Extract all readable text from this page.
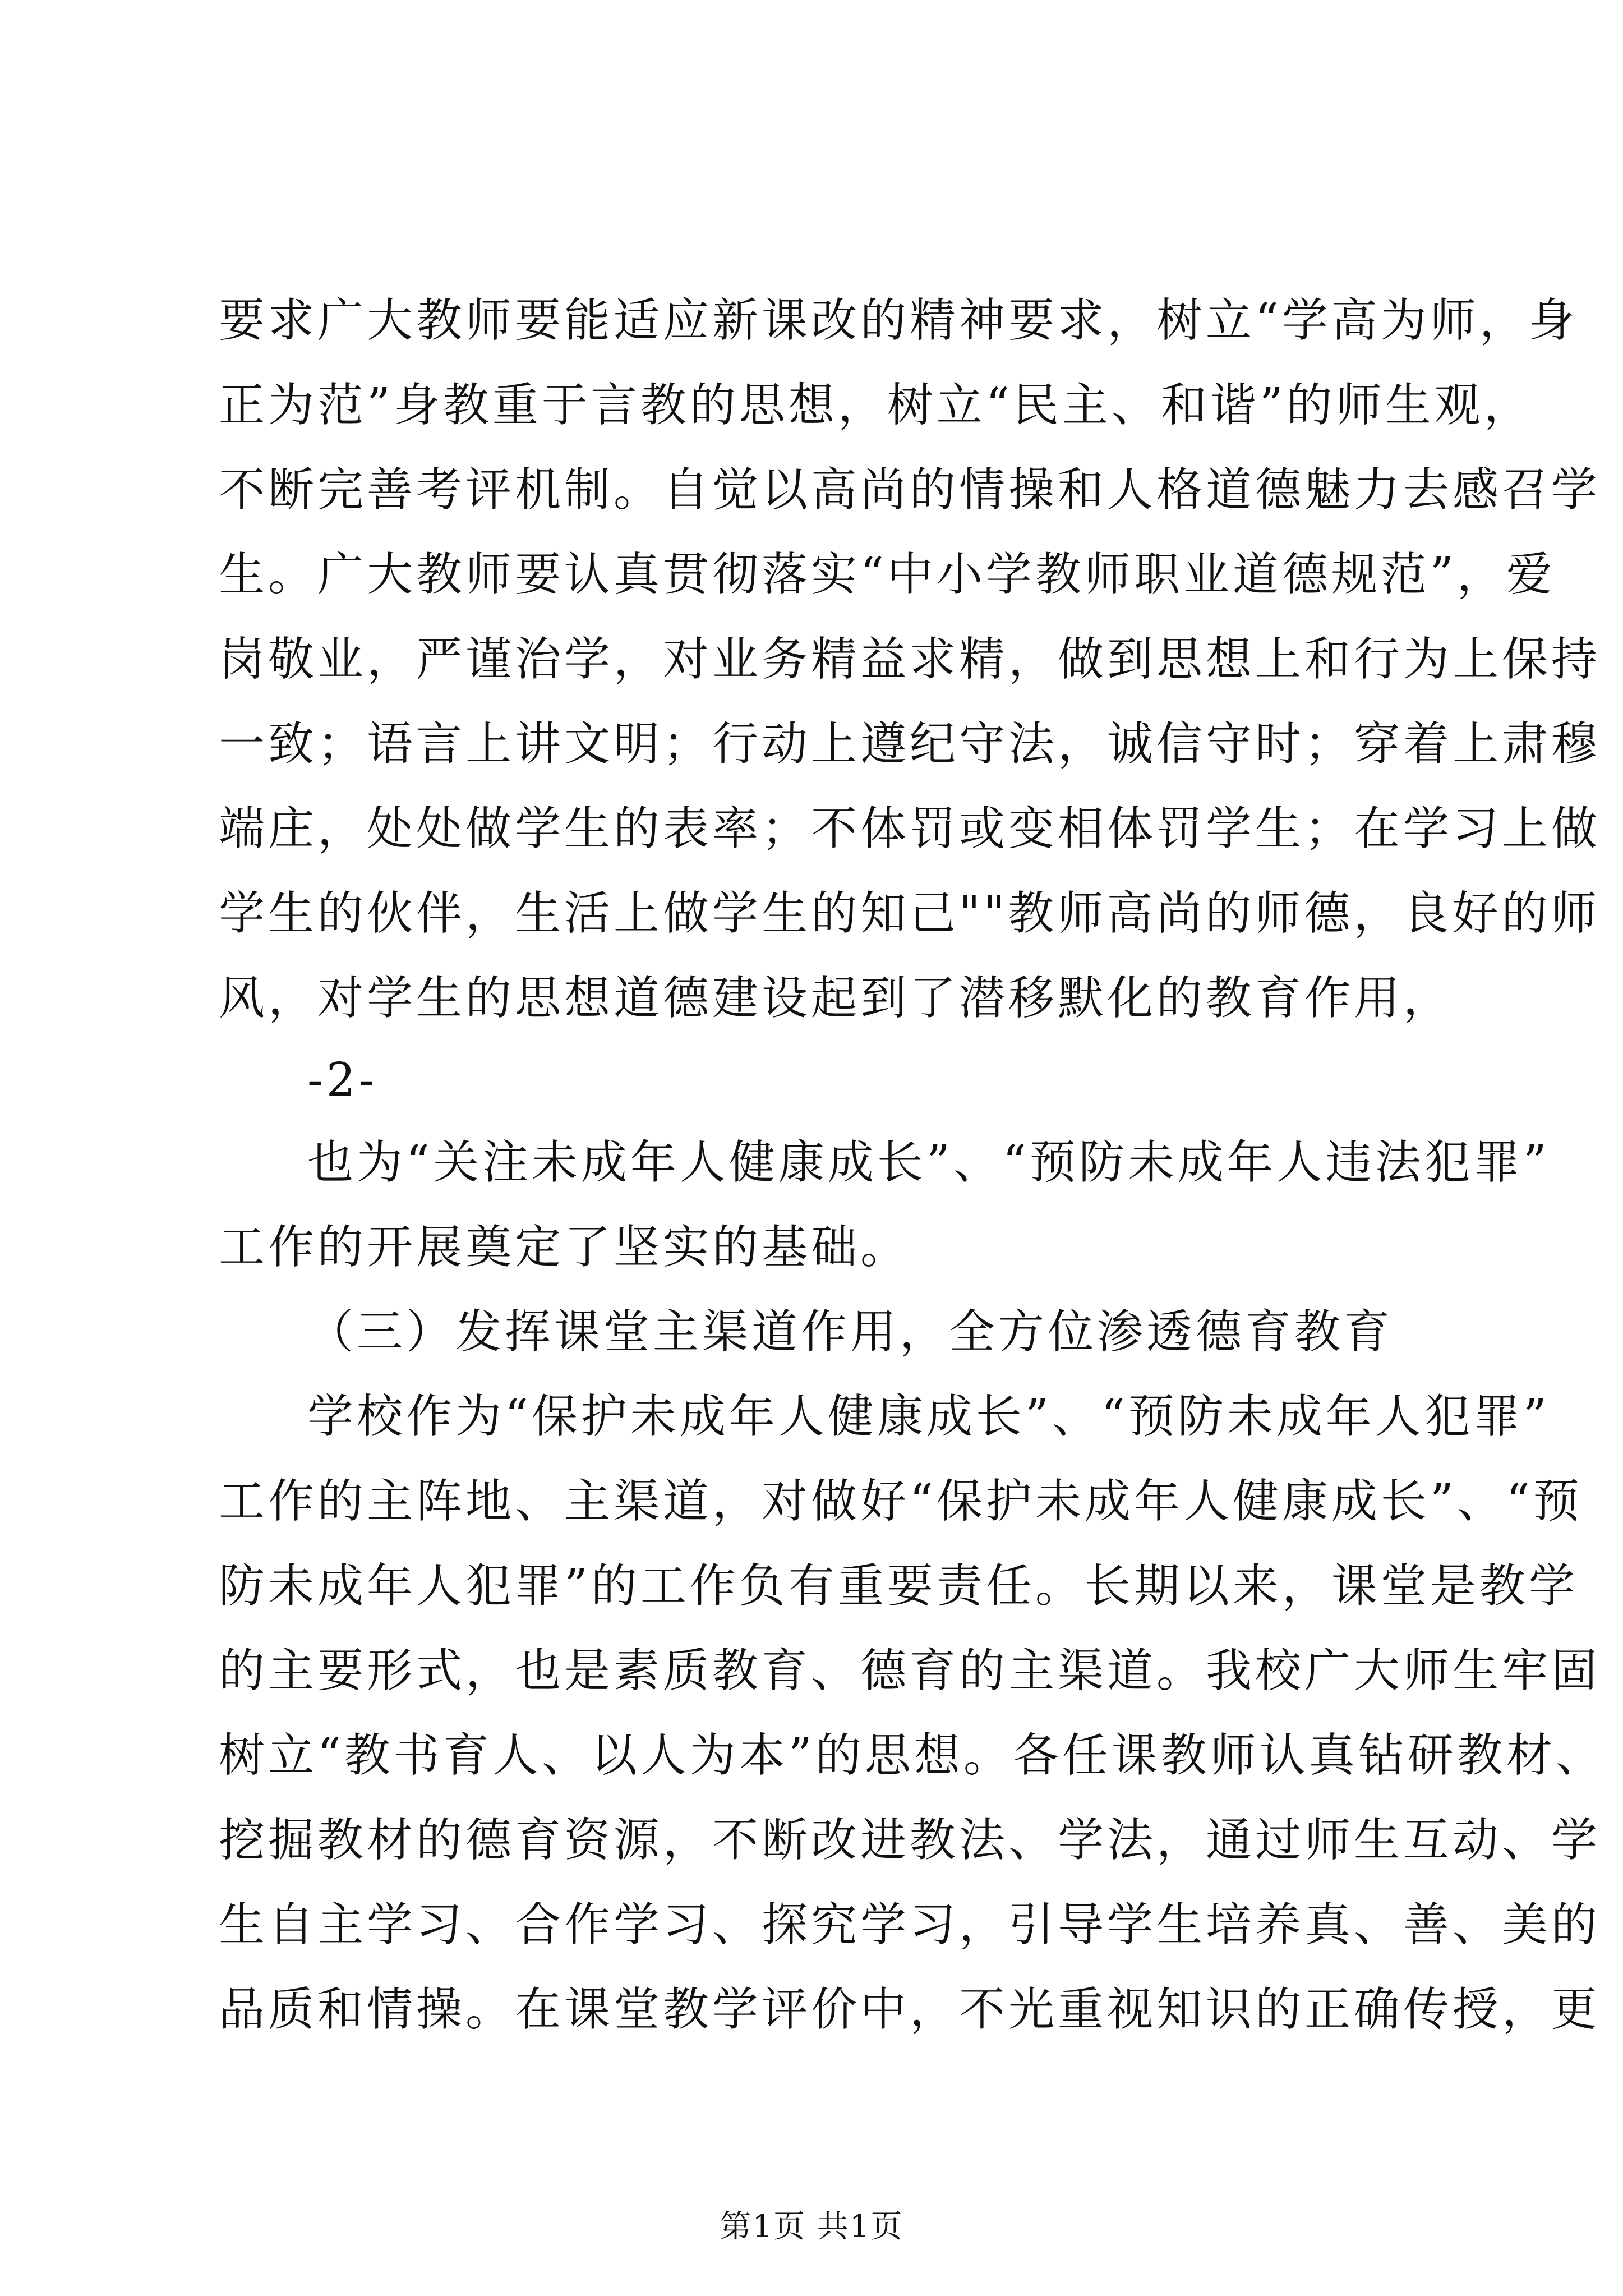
要求广大教师要能适应新课改的精神要求，树立“学高为师，身
正为范”身教重于言教的思想，树立“民主、和谐”的师生观，
不断完善考评机制。自觉以高尚的情操和人格道德魅力去感召学
生。广大教师要认真贯彻落实“中小学教师职业道德规范”，爱
岗敬业，严谨治学，对业务精益求精，做到思想上和行为上保持
一致；语言上讲文明；行动上遵纪守法，诚信守时；穿着上肃穆
端庄，处处做学生的表率；不体罚或变相体罚学生；在学习上做
学生的伙伴，生活上做学生的知己""教师高尚的师德，良好的师
风，对学生的思想道德建设起到了潜移默化的教育作用，
-2-
也为“关注未成年人健康成长”、“预防未成年人违法犯罪”
工作的开展奠定了坚实的基础。
（三）发挥课堂主渠道作用，全方位渗透德育教育
学校作为“保护未成年人健康成长”、“预防未成年人犯罪”
工作的主阵地、主渠道，对做好“保护未成年人健康成长”、“预
防未成年人犯罪”的工作负有重要责任。长期以来，课堂是教学
的主要形式，也是素质教育、德育的主渠道。我校广大师生牢固
树立“教书育人、以人为本”的思想。各任课教师认真钻研教材、
挖掘教材的德育资源，不断改进教法、学法，通过师生互动、学
生自主学习、合作学习、探究学习，引导学生培养真、善、美的
品质和情操。在课堂教学评价中，不光重视知识的正确传授，更
第1页 共1页
